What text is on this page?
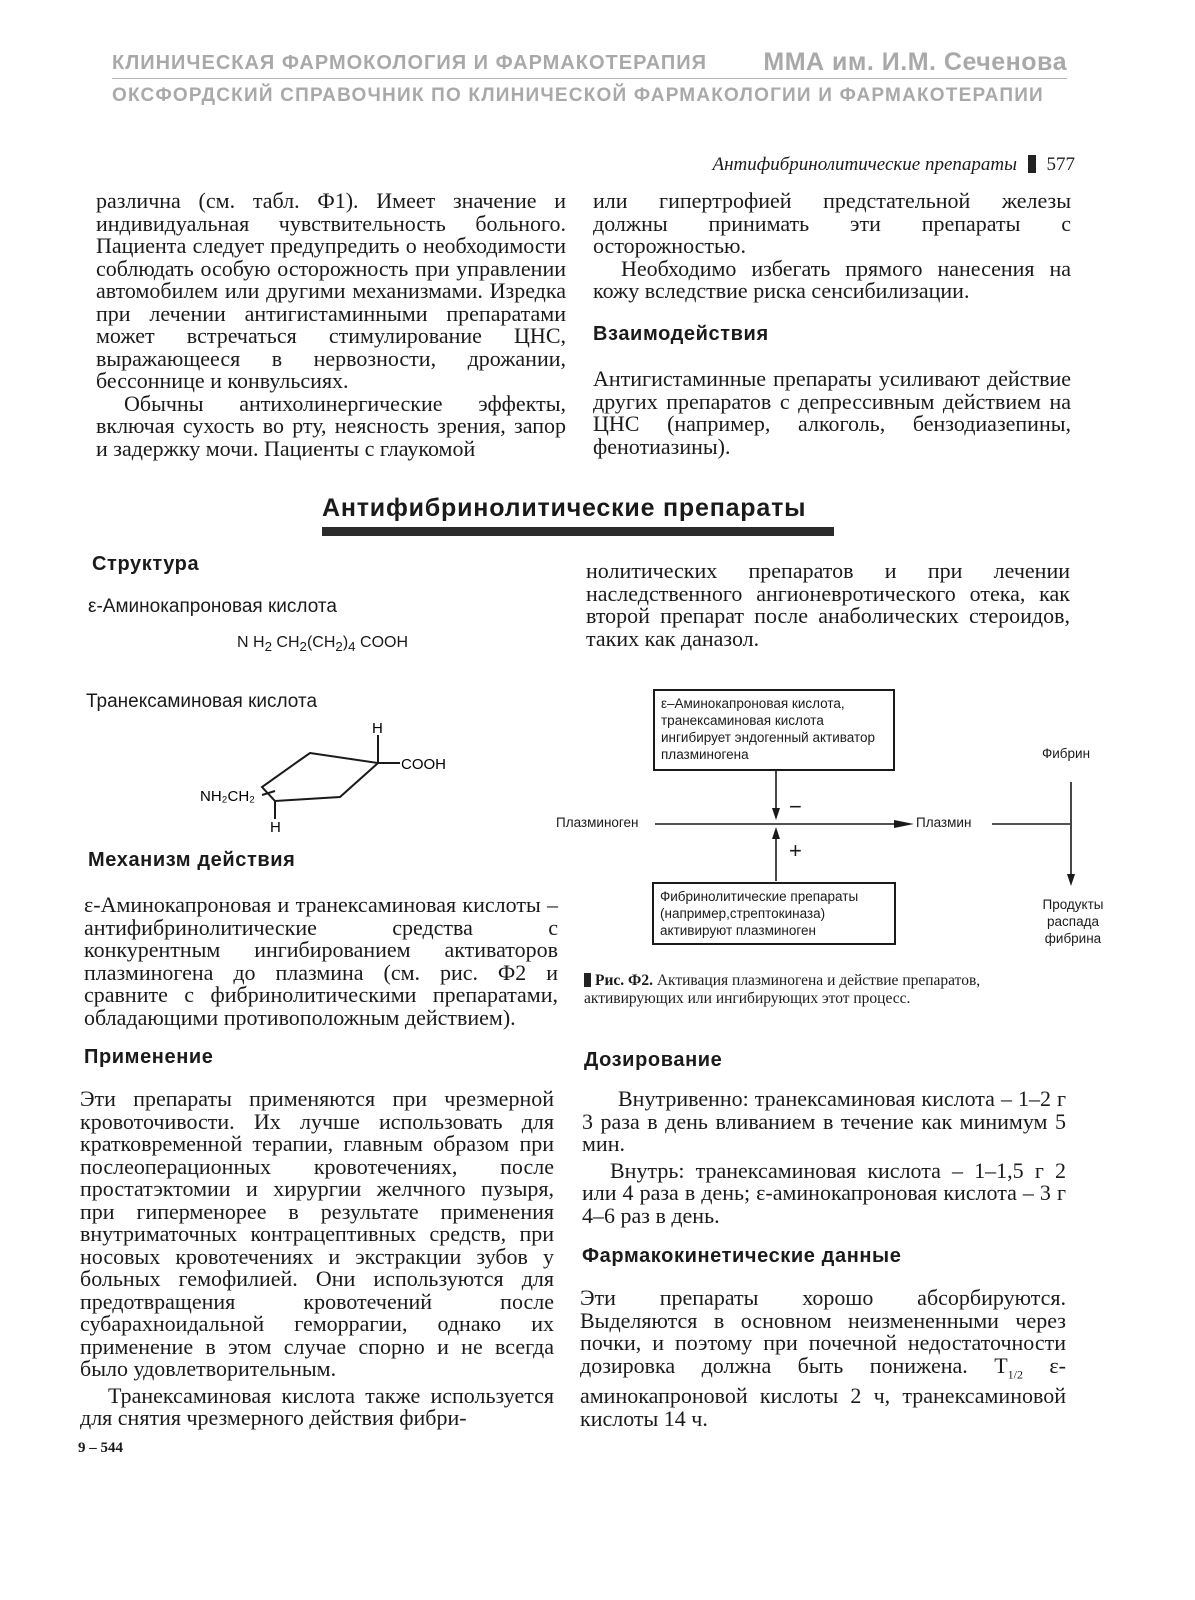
КЛИНИЧЕСКАЯ ФАРМОКОЛОГИЯ И ФАРМАКОТЕРАПИЯ ММА им. И.М. Сеченова
ОКСФОРДСКИЙ СПРАВОЧНИК ПО КЛИНИЧЕСКОЙ ФАРМАКОЛОГИИ И ФАРМАКОТЕРАПИИ
Антифибринолитические препараты 577

различна (см. табл. Ф1). Имеет значение и индивидуальная чувствительность больного. Пациента следует предупредить о необходимости соблюдать особую осторожность при управлении автомобилем или другими механизмами. Изредка при лечении антигистаминными препаратами может встречаться стимулирование ЦНС, выражающееся в нервозности, дрожании, бессоннице и конвульсиях.

Обычны антихолинергические эффекты, включая сухость во рту, неясность зрения, запор и задержку мочи. Пациенты с глаукомой

или гипертрофией предстательной железы должны принимать эти препараты с осторожностью.

Необходимо избегать прямого нанесения на кожу вследствие риска сенсибилизации.

Взаимодействия
Антигистаминные препараты усиливают действие других препаратов с депрессивным действием на ЦНС (например, алкоголь, бензодиазепины, фенотиазины).
Антифибринолитические препараты
Структура
ε-Аминокапроновая кислота
N $H_2$ $CH_2(CH_2)_4$ COOH
Транексаминовая кислота
H
COOH
NH₂CH₂
H
Механизм действия
ε-Аминокапроновая и транексаминовая кислоты – антифибринолитические средства с конкурентным ингибированием активаторов плазминогена до плазмина (см. рис. Ф2 и сравните с фибринолитическими препаратами, обладающими противоположным действием).
Применение

Эти препараты применяются при чрезмерной кровоточивости. Их лучше использовать для кратковременной терапии, главным образом при послеоперационных кровотечениях, после простатэктомии и хирургии желчного пузыря, при гиперменорее в результате применения внутриматочных контрацептивных средств, при носовых кровотечениях и экстракции зубов у больных гемофилией. Они используются для предотвращения кровотечений после субарахноидальной геморрагии, однако их применение в этом случае спорно и не всегда было удовлетворительным.

Транексаминовая кислота также используется для снятия чрезмерного действия фибри-

нолитических препаратов и при лечении наследственного ангионевротического отека, как второй препарат после анаболических стероидов, таких как даназол.
ε–Аминокапроновая кислота, транексаминовая кислота ингибирует эндогенный активатор плазминогена
Фибринолитические препараты (например,стрептокиназа) активируют плазминоген
Плазминоген	Плазмин
Фибрин
Продукты распада фибрина
−
+
Рис. Ф2. Активация плазминогена и действие препаратов, активирующих или ингибирующих этот процесс.
Дозирование

Внутривенно: транексаминовая кислота – 1–2 г 3 раза в день вливанием в течение как минимум 5 мин.

Внутрь: транексаминовая кислота – 1–1,5 г 2 или 4 раза в день; ε-аминокапроновая кислота – 3 г 4–6 раз в день.

Фармакокинетические данные
Эти препараты хорошо абсорбируются. Выделяются в основном неизмененными через почки, и поэтому при почечной недостаточности дозировка должна быть понижена. $T_{1/2}$ ε-аминокапроновой кислоты 2 ч, транексаминовой кислоты 14 ч.
9 – 544
